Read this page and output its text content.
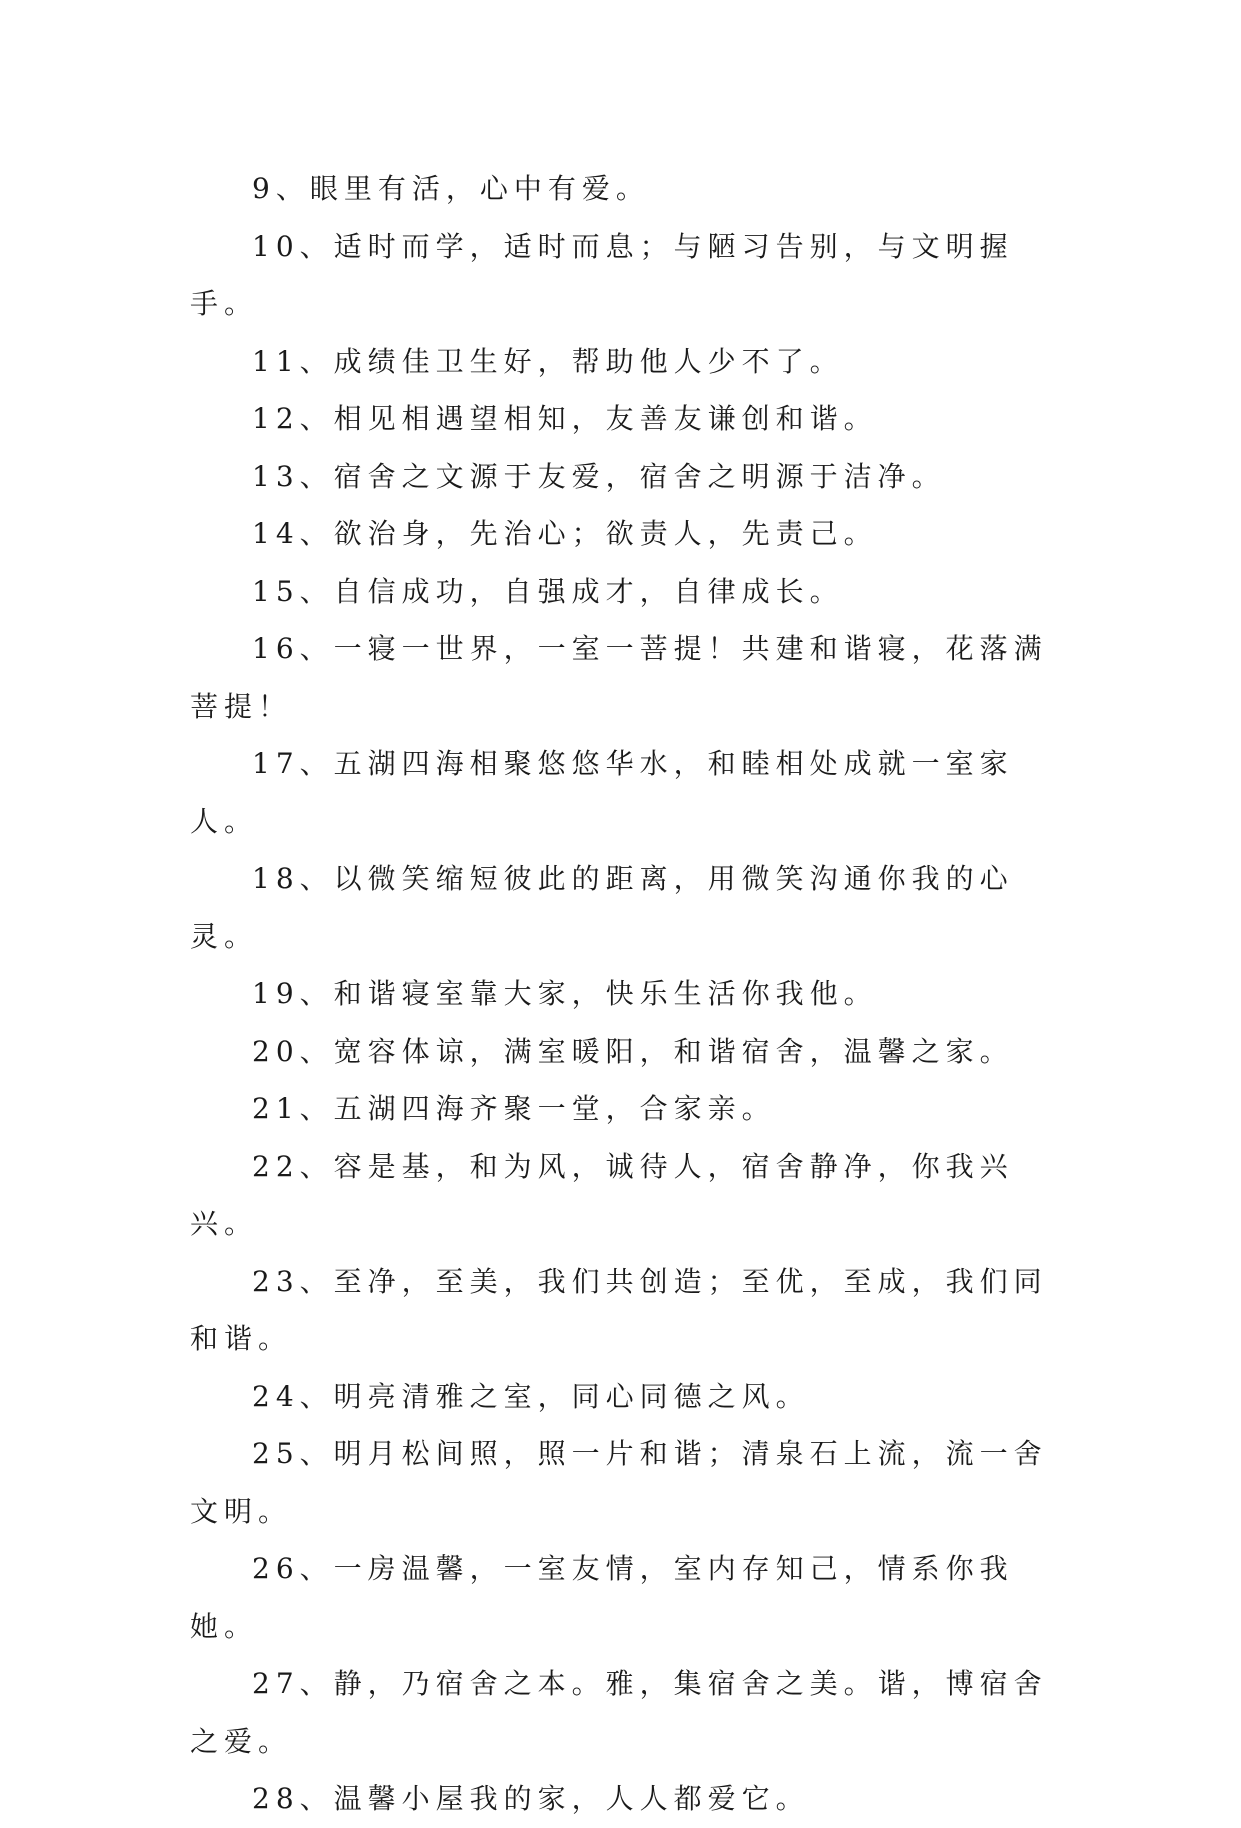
9、眼里有活，心中有爱。

10、适时而学，适时而息；与陋习告别，与文明握手。

11、成绩佳卫生好，帮助他人少不了。

12、相见相遇望相知，友善友谦创和谐。

13、宿舍之文源于友爱，宿舍之明源于洁净。

14、欲治身，先治心；欲责人，先责己。

15、自信成功，自强成才，自律成长。

16、一寝一世界，一室一菩提！共建和谐寝，花落满菩提！

17、五湖四海相聚悠悠华水，和睦相处成就一室家人。

18、以微笑缩短彼此的距离，用微笑沟通你我的心灵。

19、和谐寝室靠大家，快乐生活你我他。

20、宽容体谅，满室暖阳，和谐宿舍，温馨之家。

21、五湖四海齐聚一堂，合家亲。

22、容是基，和为风，诚待人，宿舍静净，你我兴兴。

23、至净，至美，我们共创造；至优，至成，我们同和谐。

24、明亮清雅之室，同心同德之风。

25、明月松间照，照一片和谐；清泉石上流，流一舍文明。

26、一房温馨，一室友情，室内存知己，情系你我她。

27、静，乃宿舍之本。雅，集宿舍之美。谐，博宿舍之爱。

28、温馨小屋我的家，人人都爱它。
